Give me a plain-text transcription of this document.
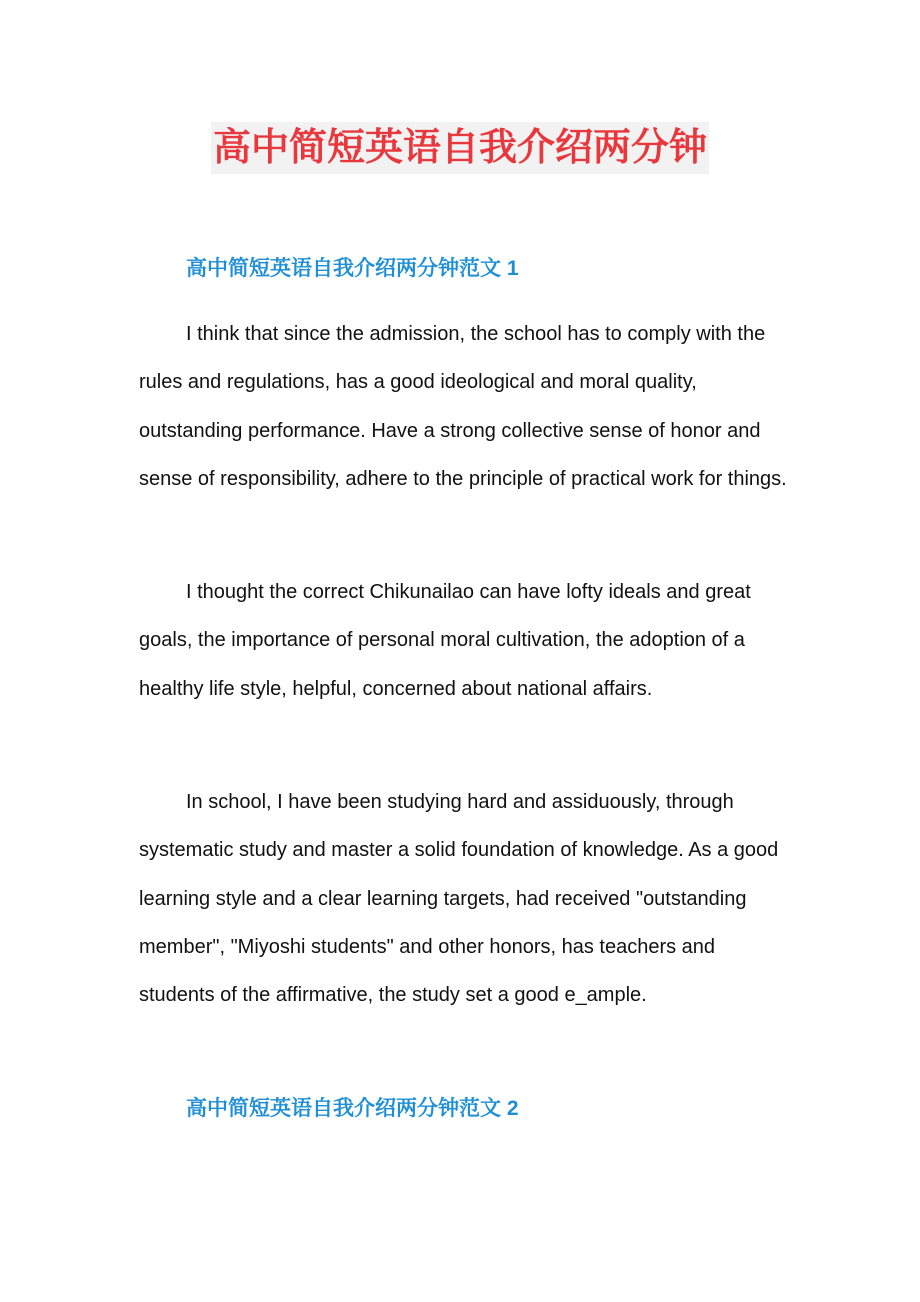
高中简短英语自我介绍两分钟
高中简短英语自我介绍两分钟范文 1

I think that since the admission, the school has to comply with the rules and regulations, has a good ideological and moral quality, outstanding performance. Have a strong collective sense of honor and sense of responsibility, adhere to the principle of practical work for things.

I thought the correct Chikunailao can have lofty ideals and great goals, the importance of personal moral cultivation, the adoption of a healthy life style, helpful, concerned about national affairs.

In school, I have been studying hard and assiduously, through systematic study and master a solid foundation of knowledge. As a good learning style and a clear learning targets, had received "outstanding member", "Miyoshi students" and other honors, has teachers and students of the affirmative, the study set a good e_ample.

高中简短英语自我介绍两分钟范文 2
